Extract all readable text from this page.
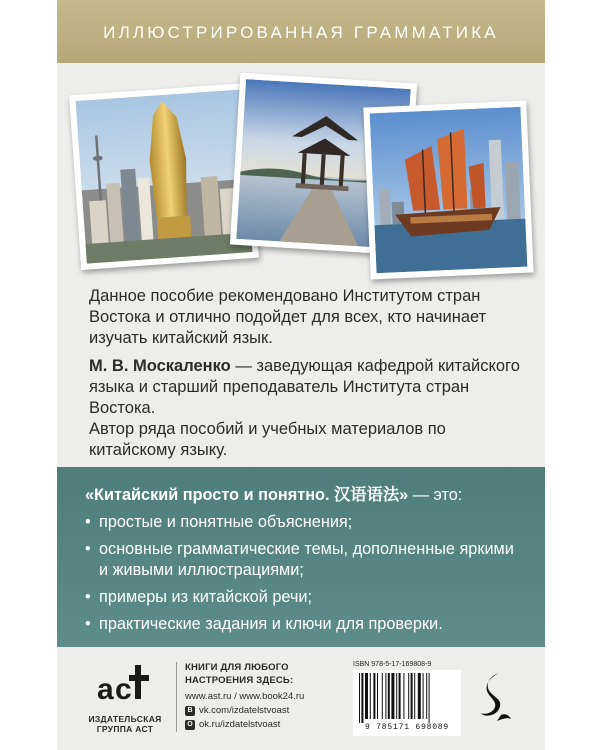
ИЛЛЮСТРИРОВАННАЯ ГРАММАТИКА

Данное пособие рекомендовано Институтом стран Востока и отлично подойдет для всех, кто начинает изучать китайский язык.

М. В. Москаленко — заведующая кафедрой китайского языка и старший преподаватель Института стран Востока.

Автор ряда пособий и учебных материалов по китайскому языку.

«Китайский просто и понятно. 汉语语法» — это:
• простые и понятные объяснения;
• основные грамматические темы, дополненные яркими и живыми иллюстрациями;
• примеры из китайской речи;
• практические задания и ключи для проверки.
a c
ИЗДАТЕЛЬСКАЯ
ГРУППА АСТ
КНИГИ ДЛЯ ЛЮБОГО
НАСТРОЕНИЯ ЗДЕСЬ:
www.ast.ru / www.book24.ru
В vk.com/izdatelstvoast
О ok.ru/izdatelstvoast
ISBN 978-5-17-169808-9
9 785171 698089
